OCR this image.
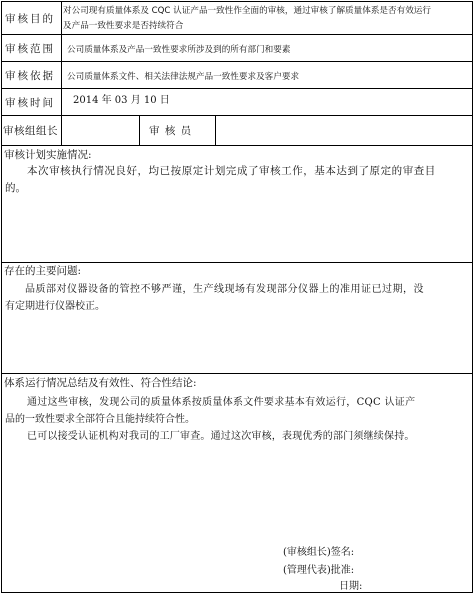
审核目的
对公司现有质量体系及 CQC 认证产品一致性作全面的审核，通过审核了解质量体系是否有效运行
及产品一致性要求是否持续符合
审核范围 公司质量体系及产品一致性要求所涉及到的所有部门和要素
审核依据 公司质量体系文件、相关法律法规产品一致性要求及客户要求
审核时间 2014 年 03 月 10 日
审核组组长	审 核 员
审核计划实施情况:
本次审核执行情况良好，均已按原定计划完成了审核工作，基本达到了原定的审查目
的。
存在的主要问题:
品质部对仪器设备的管控不够严谨，生产线现场有发现部分仪器上的准用证已过期，没
有定期进行仪器校正。
体系运行情况总结及有效性、符合性结论:
通过这些审核，发现公司的质量体系按质量体系文件要求基本有效运行，CQC 认证产
品的一致性要求全部符合且能持续符合性。
已可以接受认证机构对我司的工厂审查。通过这次审核，表现优秀的部门须继续保持。
(审核组长)签名:
(管理代表)批准:
日期:
